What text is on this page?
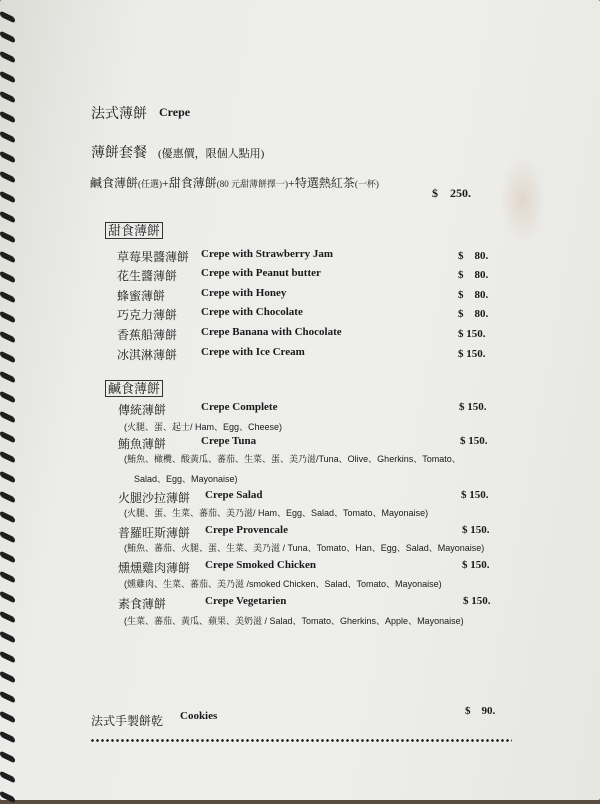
法式薄餅 Crepe
薄餅套餐 (優惠價，限個人點用)
鹹食薄餅(任選)+甜食薄餅(80 元甜薄餅擇一)+特選熱紅茶(一杯)
$    250.
甜食薄餅
草莓果醬薄餅 Crepe with Strawberry Jam	$    80.
花生醬薄餅 Crepe with Peanut butter	$    80.
蜂蜜薄餅	Crepe with Honey	$    80.
巧克力薄餅 Crepe with Chocolate	$    80.
香蕉船薄餅 Crepe Banana with Chocolate	$ 150.
冰淇淋薄餅 Crepe with Ice Cream	$ 150.
鹹食薄餅
傳統薄餅	Crepe Complete	$ 150.
(火腿、蛋、起士/ Ham、Egg、Cheese)
鮪魚薄餅	Crepe Tuna	$ 150.
(鮪魚、橄欖、酸黃瓜、蕃茄、生菜、蛋、美乃滋/Tuna、Olive、Gherkins、Tomato、
Salad、Egg、Mayonaise)
火腿沙拉薄餅 Crepe Salad	$ 150.
(火腿、蛋、生菜、蕃茄、美乃滋/ Ham、Egg、Salad、Tomato、Mayonaise)
普羅旺斯薄餅 Crepe Provencale	$ 150.
(鮪魚、蕃茄、火腿、蛋、生菜、美乃滋 / Tuna、Tomato、Han、Egg、Salad、Mayonaise)
燻燻雞肉薄餅 Crepe Smoked Chicken	$ 150.
(燻雞肉、生菜、蕃茄、美乃滋 /smoked Chicken、Salad、Tomato、Mayonaise)
素食薄餅	Crepe Vegetarien	$ 150.
(生菜、蕃茄、黃瓜、蘋果、美奶滋 / Salad、Tomato、Gherkins、Apple、Mayonaise)
法式手製餅乾 Cookies	$    90.
